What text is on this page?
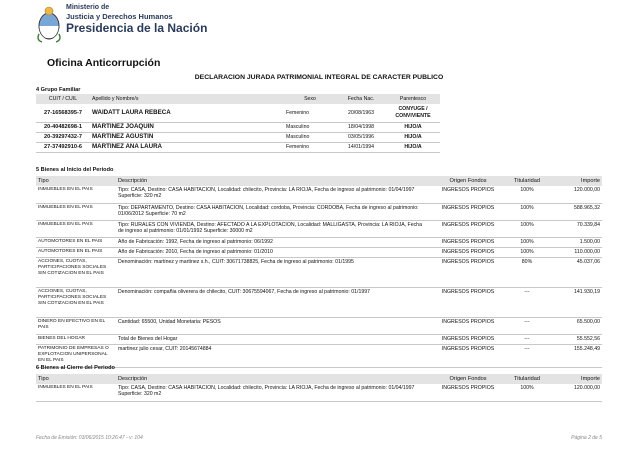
Ministerio de
Justicia y Derechos Humanos
Presidencia de la Nación
Oficina Anticorrupción
DECLARACION JURADA PATRIMONIAL INTEGRAL DE CARACTER PUBLICO
4 Grupo Familiar
CUIT / CUIL	Apellido y Nombre/s	Sexo	Fecha Nac.	Parentesco
27-16568395-7	WAIDATT LAURA REBECA	Femenino	20/08/1963	CONYUGE / CONVIVIENTE
20-40482698-1	MARTINEZ JOAQUIN	Masculino	18/04/1998	HIJO/A
20-39297432-7	MARTINEZ AGUSTIN	Masculino	03/05/1996	HIJO/A
27-37492910-6	MARTINEZ ANA LAURA	Femenino	14/01/1994	HIJO/A
5 Bienes al Inicio del Periodo
Tipo	Descripción	Origen Fondos	Titularidad	Importe
INMUEBLES EN EL PAIS	Tipo: CASA, Destino: CASA HABITACION, Localidad: chilecito, Provincia: LA RIOJA, Fecha de ingreso al patrimonio: 01/04/1997 Superficie: 320 m2	INGRESOS PROPIOS	100%	120.000,00
INMUEBLES EN EL PAIS	Tipo: DEPARTAMENTO, Destino: CASA HABITACION, Localidad: cordoba, Provincia: CORDOBA, Fecha de ingreso al patrimonio: 01/06/2012 Superficie: 70 m2	INGRESOS PROPIOS	100%	588.965,32
INMUEBLES EN EL PAIS	Tipo: RURALES CON VIVIENDA, Destino: AFECTADO A LA EXPLOTACION, Localidad: MALLIGASTA, Provincia: LA RIOJA, Fecha de ingreso al patrimonio: 01/01/1992 Superficie: 30000 m2	INGRESOS PROPIOS	100%	70.339,84
AUTOMOTORES EN EL PAIS	Año de Fabricación: 1992, Fecha de ingreso al patrimonio: 06/1992	INGRESOS PROPIOS	100%	1.500,00
AUTOMOTORES EN EL PAIS	Año de Fabricación: 2010, Fecha de ingreso al patrimonio: 01/2010	INGRESOS PROPIOS	100%	110.000,00
ACCIONES, CUOTAS, PARTICIPACIONES SOCIALES SIN COTIZACION EN EL PAIS	Denominación: martinez y martinez s.h., CUIT: 30671738825, Fecha de ingreso al patrimonio: 01/1995	INGRESOS PROPIOS	80%	45.037,06
ACCIONES, CUOTAS, PARTICIPACIONES SOCIALES SIN COTIZACION EN EL PAIS	Denominación: compañia oliverera de chilecito, CUIT: 30675594067, Fecha de ingreso al patrimonio: 01/1997	INGRESOS PROPIOS	---	141.930,19
DINERO EN EFECTIVO EN EL PAIS	Cantidad: 65500, Unidad Monetaria: PESOS	INGRESOS PROPIOS	---	65.500,00
BIENES DEL HOGAR	Total de Bienes del Hogar	INGRESOS PROPIOS	---	55.552,56
PATRIMONIO DE EMPRESAS O EXPLOTACION UNIPERSONAL EN EL PAIS	martinez julio cesar, CUIT: 20145674884	INGRESOS PROPIOS	---	155.248,49
6 Bienes al Cierre del Periodo
Tipo	Descripción	Origen Fondos	Titularidad	Importe
INMUEBLES EN EL PAIS	Tipo: CASA, Destino: CASA HABITACION, Localidad: chilecito, Provincia: LA RIOJA, Fecha de ingreso al patrimonio: 01/04/1997 Superficie: 320 m2	INGRESOS PROPIOS	100%	120.000,00
Fecha de Emisión: 03/06/2015 10:26:47 - v: 104	Página 2 de 5
